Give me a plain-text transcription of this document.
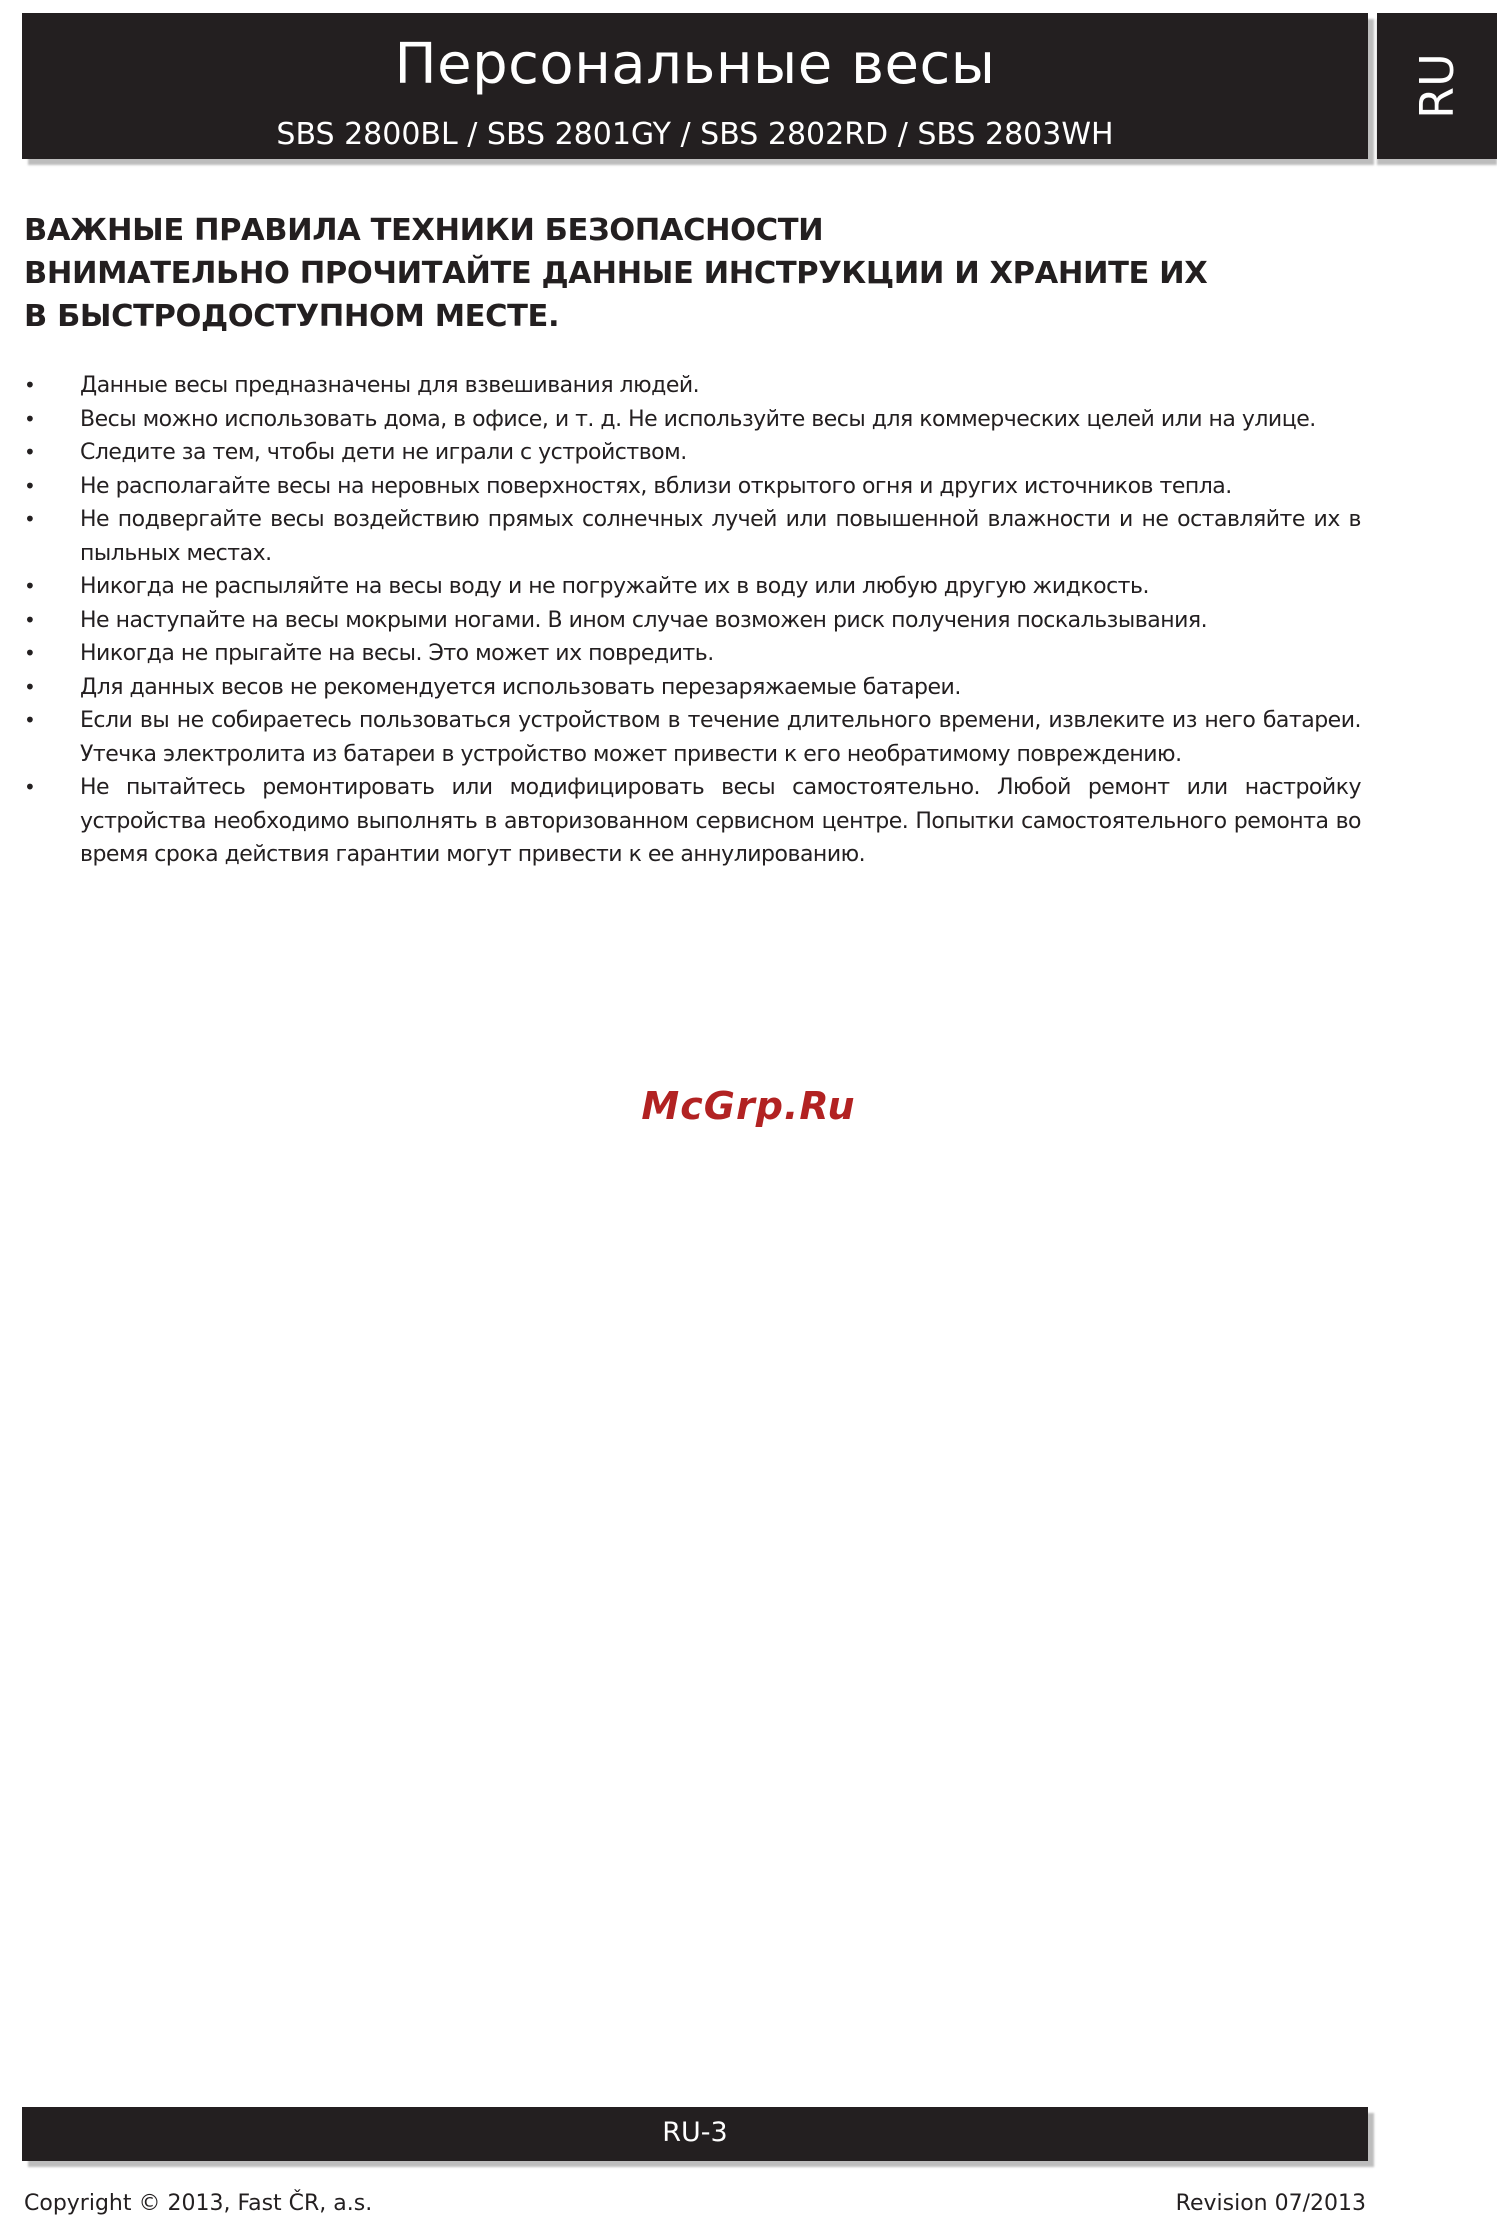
Персональные весы
SBS 2800BL / SBS 2801GY / SBS 2802RD / SBS 2803WH
RU
ВАЖНЫЕ ПРАВИЛА ТЕХНИКИ БЕЗОПАСНОСТИ
ВНИМАТЕЛЬНО ПРОЧИТАЙТЕ ДАННЫЕ ИНСТРУКЦИИ И ХРАНИТЕ ИХ
В БЫСТРОДОСТУПНОМ МЕСТЕ.
• Данные весы предназначены для взвешивания людей.
• Весы можно использовать дома, в офисе, и т. д. Не используйте весы для коммерческих целей или на улице.
• Следите за тем, чтобы дети не играли с устройством.
• Не располагайте весы на неровных поверхностях, вблизи открытого огня и других источников тепла.
• Не подвергайте весы воздействию прямых солнечных лучей или повышенной влажности и не оставляйте их в пыльных местах.
• Никогда не распыляйте на весы воду и не погружайте их в воду или любую другую жидкость.
• Не наступайте на весы мокрыми ногами. В ином случае возможен риск получения поскальзывания.
• Никогда не прыгайте на весы. Это может их повредить.
• Для данных весов не рекомендуется использовать перезаряжаемые батареи.
• Если вы не собираетесь пользоваться устройством в течение длительного времени, извлеките из него батареи. Утечка электролита из батареи в устройство может привести к его необратимому повреждению.
• Не пытайтесь ремонтировать или модифицировать весы самостоятельно. Любой ремонт или настройку устройства необходимо выполнять в авторизованном сервисном центре. Попытки самостоятельного ремонта во время срока действия гарантии могут привести к ее аннулированию.
McGrp.Ru
RU-3
Copyright © 2013, Fast ČR, a.s.	Revision 07/2013
